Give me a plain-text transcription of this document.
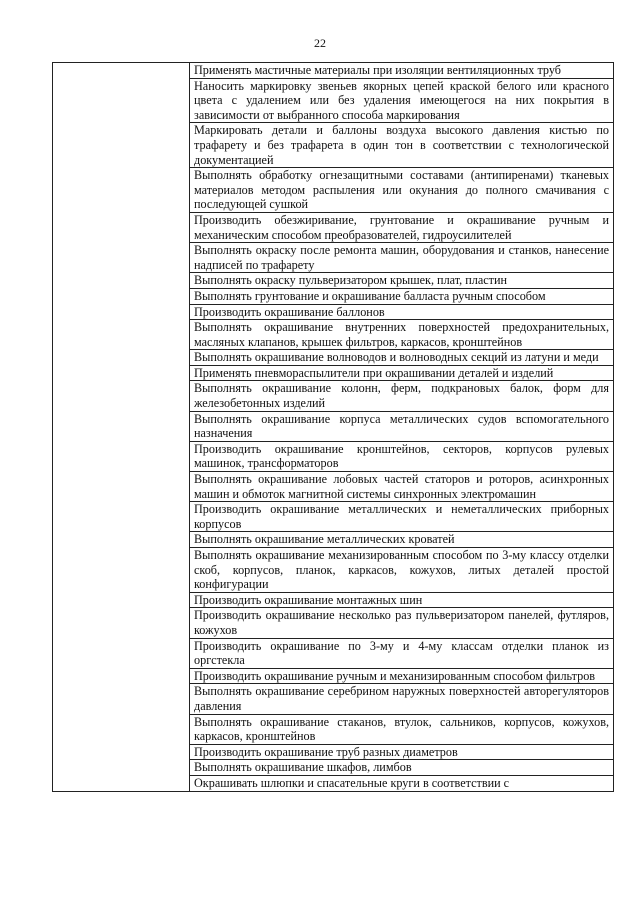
22
	Применять мастичные материалы при изоляции вентиляционных труб
Наносить маркировку звеньев якорных цепей краской белого или красного цвета с удалением или без удаления имеющегося на них покрытия в зависимости от выбранного способа маркирования
Маркировать детали и баллоны воздуха высокого давления кистью по трафарету и без трафарета в один тон в соответствии с технологической документацией
Выполнять обработку огнезащитными составами (антипиренами) тканевых материалов методом распыления или окунания до полного смачивания с последующей сушкой
Производить обезжиривание, грунтование и окрашивание ручным и механическим способом преобразователей, гидроусилителей
Выполнять окраску после ремонта машин, оборудования и станков, нанесение надписей по трафарету
Выполнять окраску пульверизатором крышек, плат, пластин
Выполнять грунтование и окрашивание балласта ручным способом
Производить окрашивание баллонов
Выполнять окрашивание внутренних поверхностей предохранительных, масляных клапанов, крышек фильтров, каркасов, кронштейнов
Выполнять окрашивание волноводов и волноводных секций из латуни и меди
Применять пневмораспылители при окрашивании деталей и изделий
Выполнять окрашивание колонн, ферм, подкрановых балок, форм для железобетонных изделий
Выполнять окрашивание корпуса металлических судов вспомогательного назначения
Производить окрашивание кронштейнов, секторов, корпусов рулевых машинок, трансформаторов
Выполнять окрашивание лобовых частей статоров и роторов, асинхронных машин и обмоток магнитной системы синхронных электромашин
Производить окрашивание металлических и неметаллических приборных корпусов
Выполнять окрашивание металлических кроватей
Выполнять окрашивание механизированным способом по 3-му классу отделки скоб, корпусов, планок, каркасов, кожухов, литых деталей простой конфигурации
Производить окрашивание монтажных шин
Производить окрашивание несколько раз пульверизатором панелей, футляров, кожухов
Производить окрашивание по 3-му и 4-му классам отделки планок из оргстекла
Производить окрашивание ручным и механизированным способом фильтров
Выполнять окрашивание серебрином наружных поверхностей авторегуляторов давления
Выполнять окрашивание стаканов, втулок, сальников, корпусов, кожухов, каркасов, кронштейнов
Производить окрашивание труб разных диаметров
Выполнять окрашивание шкафов, лимбов
Окрашивать шлюпки и спасательные круги в соответствии с
